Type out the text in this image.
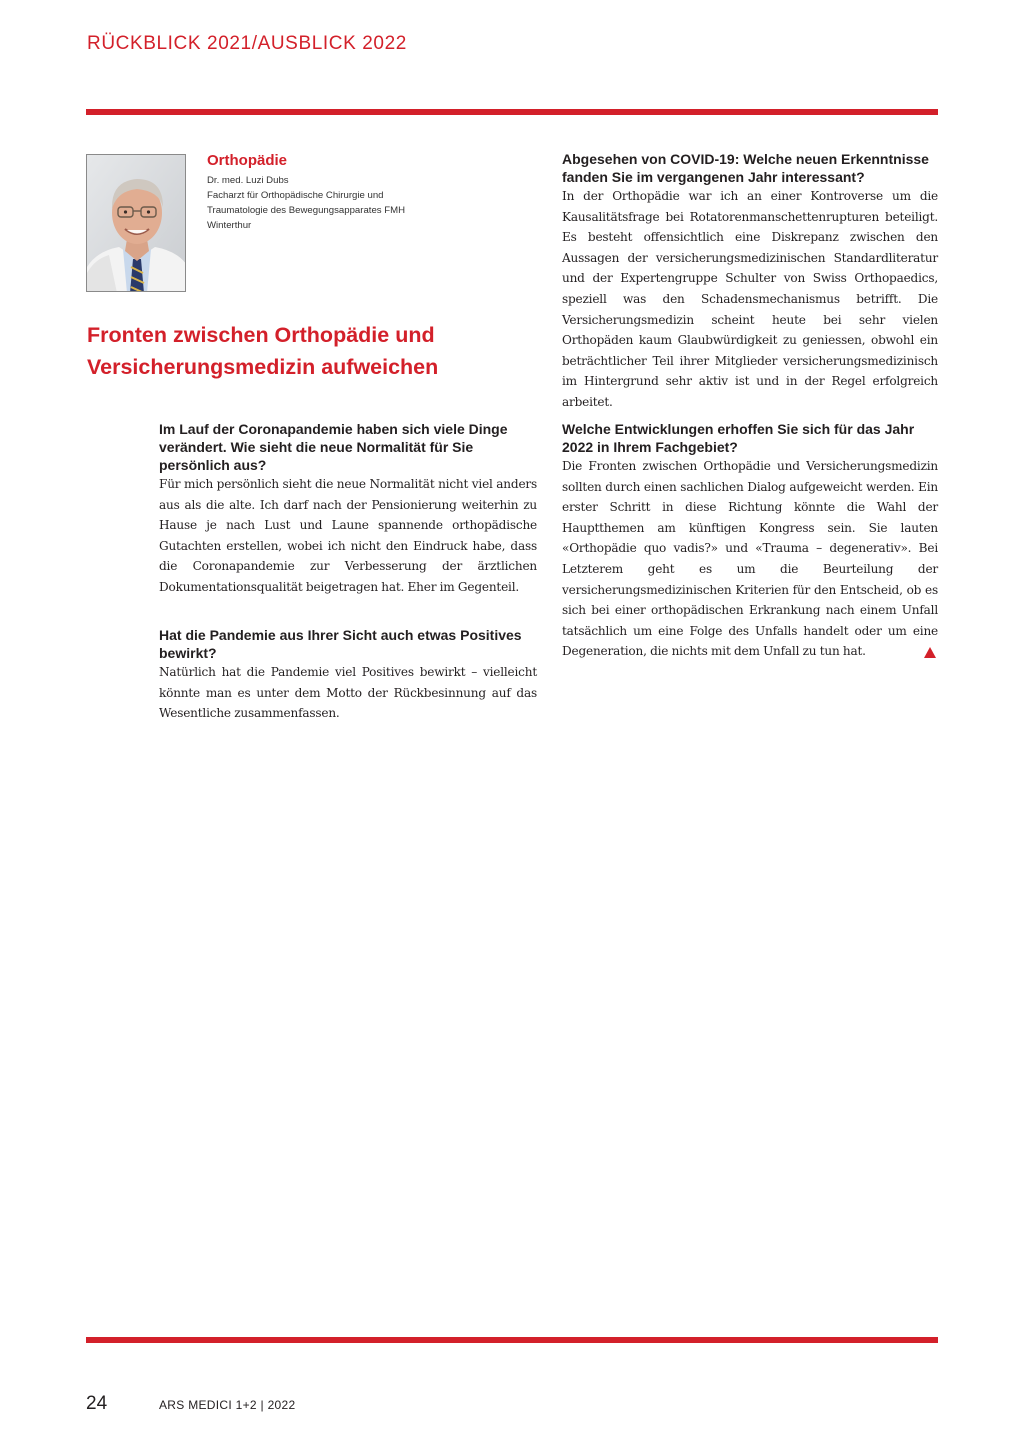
RÜCKBLICK 2021/AUSBLICK 2022
Orthopädie
Dr. med. Luzi Dubs
Facharzt für Orthopädische Chirurgie und
Traumatologie des Bewegungsapparates FMH
Winterthur
Fronten zwischen Orthopädie und
Versicherungsmedizin aufweichen
Im Lauf der Coronapandemie haben sich viele Dinge verändert. Wie sieht die neue Normalität für Sie persönlich aus?
Für mich persönlich sieht die neue Normalität nicht viel anders aus als die alte. Ich darf nach der Pensionierung weiterhin zu Hause je nach Lust und Laune spannende orthopädische Gutachten erstellen, wobei ich nicht den Eindruck habe, dass die Coronapandemie zur Verbesserung der ärztlichen Dokumentationsqualität beigetragen hat. Eher im Gegenteil.
Hat die Pandemie aus Ihrer Sicht auch etwas Positives bewirkt?
Natürlich hat die Pandemie viel Positives bewirkt – vielleicht könnte man es unter dem Motto der Rückbesinnung auf das Wesentliche zusammenfassen.
Abgesehen von COVID-19: Welche neuen Erkenntnisse fanden Sie im vergangenen Jahr interessant?
In der Orthopädie war ich an einer Kontroverse um die Kausalitätsfrage bei Rotatorenmanschettenrupturen beteiligt. Es besteht offensichtlich eine Diskrepanz zwischen den Aussagen der versicherungsmedizinischen Standardliteratur und der Expertengruppe Schulter von Swiss Orthopaedics, speziell was den Schadensmechanismus betrifft. Die Versicherungsmedizin scheint heute bei sehr vielen Orthopäden kaum Glaubwürdigkeit zu geniessen, obwohl ein beträchtlicher Teil ihrer Mitglieder versicherungsmedizinisch im Hintergrund sehr aktiv ist und in der Regel erfolgreich arbeitet.
Welche Entwicklungen erhoffen Sie sich für das Jahr 2022 in Ihrem Fachgebiet?
Die Fronten zwischen Orthopädie und Versicherungsmedizin sollten durch einen sachlichen Dialog aufgeweicht werden. Ein erster Schritt in diese Richtung könnte die Wahl der Hauptthemen am künftigen Kongress sein. Sie lauten «Orthopädie quo vadis?» und «Trauma – degenerativ». Bei Letzterem geht es um die Beurteilung der versicherungsmedizinischen Kriterien für den Entscheid, ob es sich bei einer orthopädischen Erkrankung nach einem Unfall tatsächlich um eine Folge des Unfalls handelt oder um eine Degeneration, die nichts mit dem Unfall zu tun hat.
24	ARS MEDICI 1+2 | 2022
